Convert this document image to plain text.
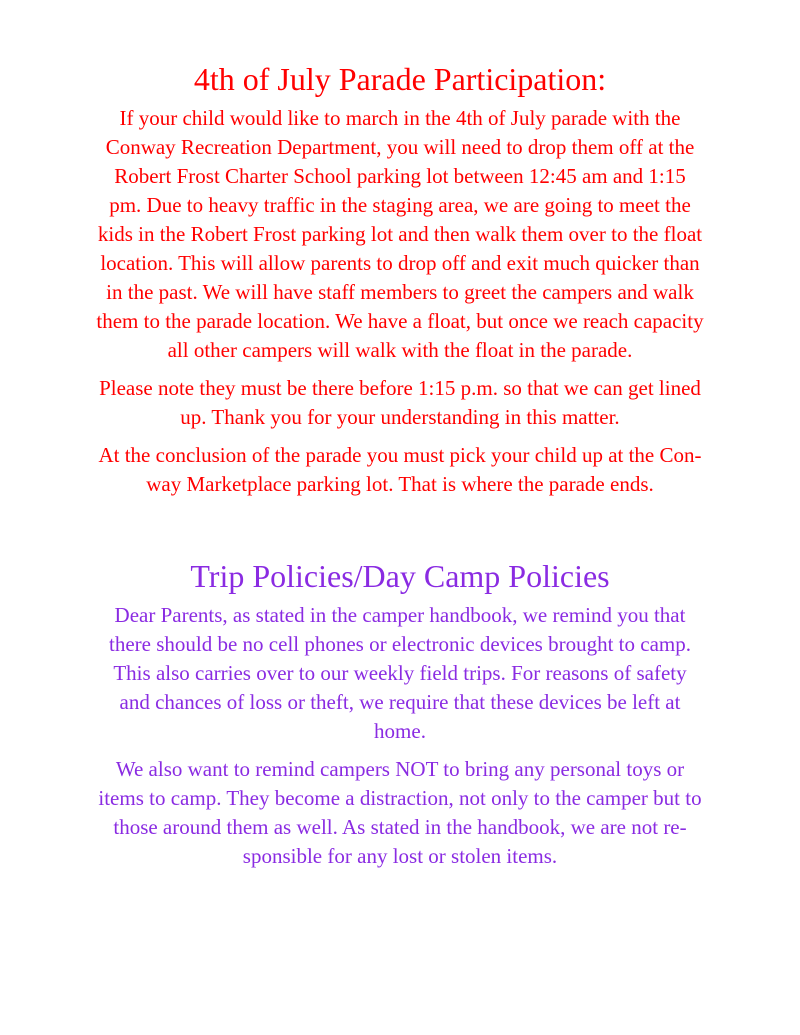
4th of July Parade Participation:

If your child would like to march in the 4th of July parade with the
Conway Recreation Department, you will need to drop them off at the
Robert Frost Charter School parking lot between 12:45 am and 1:15
pm. Due to heavy traffic in the staging area, we are going to meet the
kids in the Robert Frost parking lot and then walk them over to the float
location. This will allow parents to drop off and exit much quicker than
in the past. We will have staff members to greet the campers and walk
them to the parade location. We have a float, but once we reach capacity
all other campers will walk with the float in the parade.

Please note they must be there before 1:15 p.m. so that we can get lined
up. Thank you for your understanding in this matter.

At the conclusion of the parade you must pick your child up at the Con-
way Marketplace parking lot. That is where the parade ends.

Trip Policies/Day Camp Policies

Dear Parents, as stated in the camper handbook, we remind you that
there should be no cell phones or electronic devices brought to camp.
This also carries over to our weekly field trips. For reasons of safety
and chances of loss or theft, we require that these devices be left at
home.

We also want to remind campers NOT to bring any personal toys or
items to camp. They become a distraction, not only to the camper but to
those around them as well. As stated in the handbook, we are not re-
sponsible for any lost or stolen items.
